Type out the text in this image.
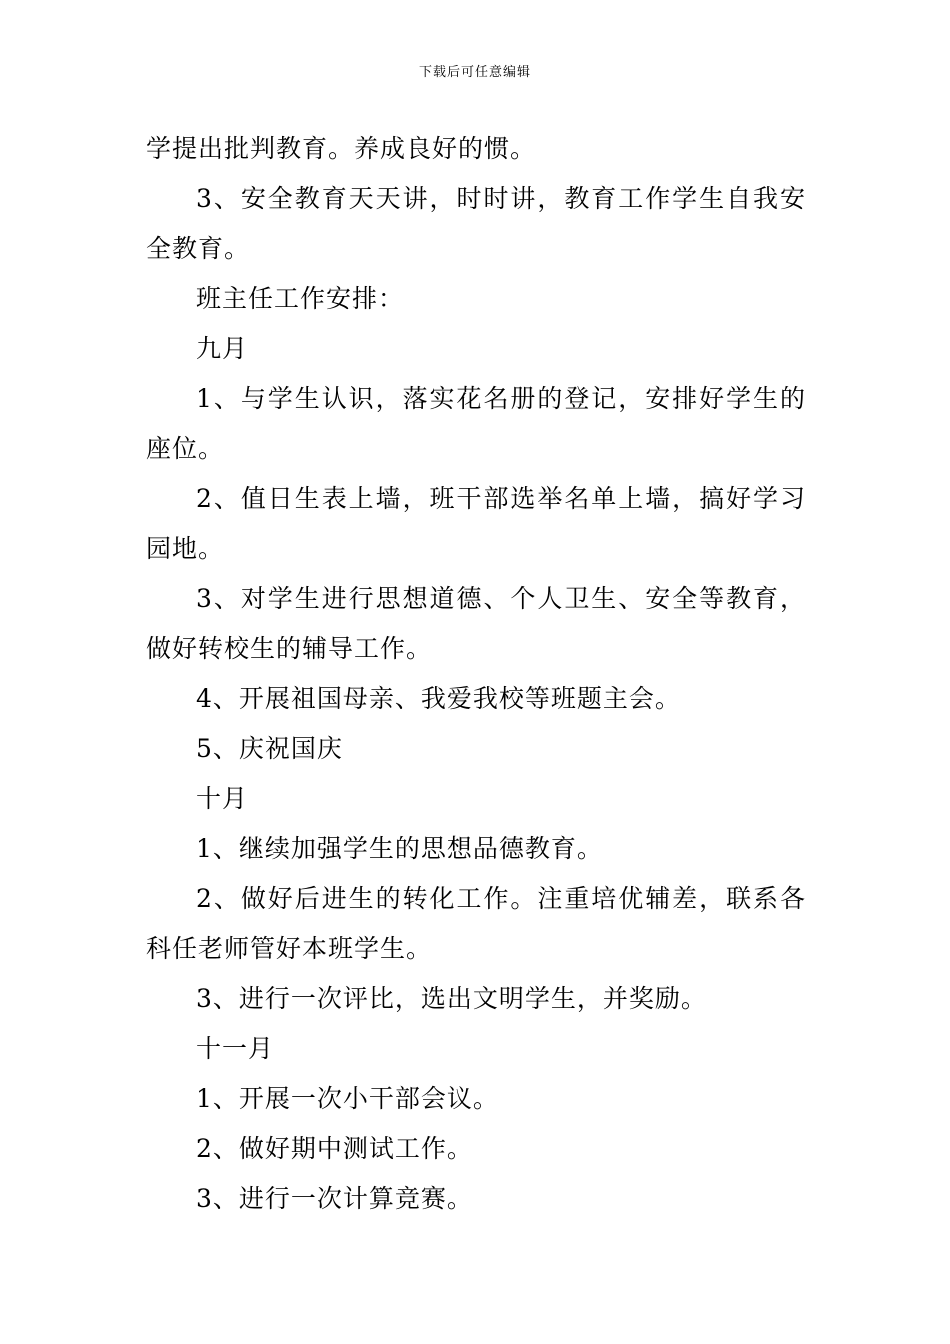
下载后可任意编辑

学提出批判教育。养成良好的惯。

3、安全教育天天讲，时时讲，教育工作学生自我安全教育。

班主任工作安排：

九月

1、与学生认识，落实花名册的登记，安排好学生的座位。

2、值日生表上墙，班干部选举名单上墙，搞好学习园地。

3、对学生进行思想道德、个人卫生、安全等教育，做好转校生的辅导工作。

4、开展祖国母亲、我爱我校等班题主会。

5、庆祝国庆

十月

1、继续加强学生的思想品德教育。

2、做好后进生的转化工作。注重培优辅差，联系各科任老师管好本班学生。

3、进行一次评比，选出文明学生，并奖励。

十一月

1、开展一次小干部会议。

2、做好期中测试工作。

3、进行一次计算竞赛。
